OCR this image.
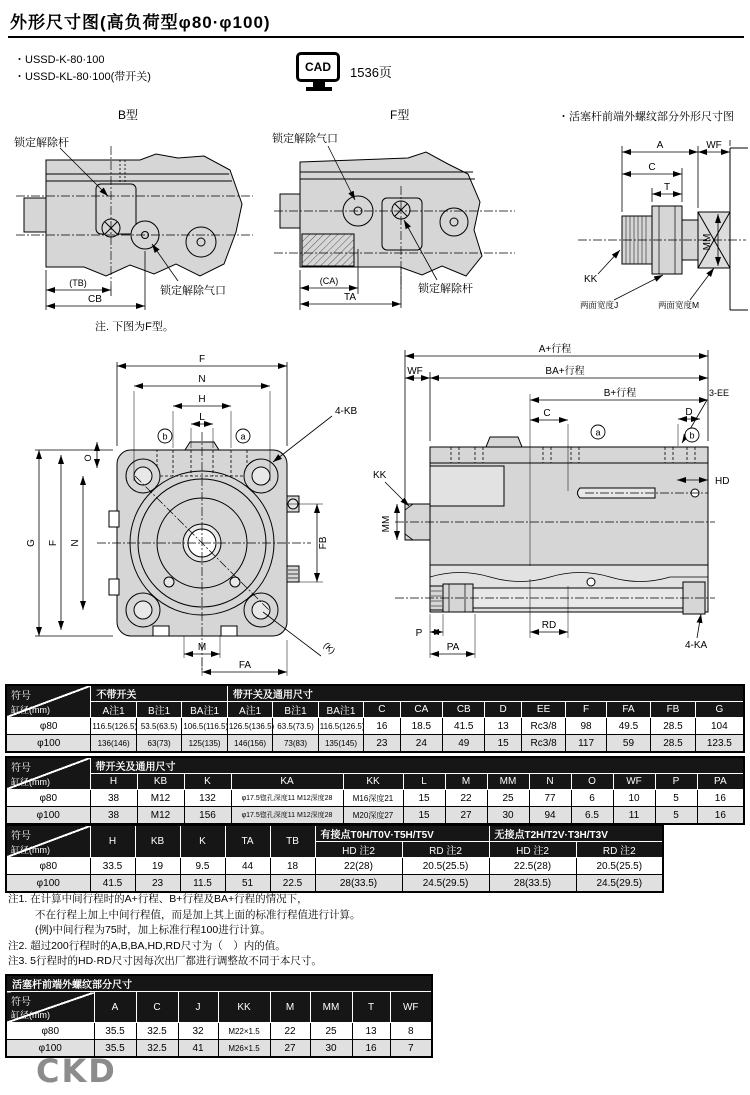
外形尺寸图(高负荷型φ80·φ100)
・USSD-K-80·100
・USSD-KL-80·100(带开关)
CAD	1536页
B型	F型	・活塞杆前端外螺纹部分外形尺寸图
注. 下图为F型。
锁定解除杆
锁定解除气口
(TB)
CB
锁定解除气口
锁定解除杆
(CA)
TA
A	WF
C
T
MM
KK
两面宽度J	两面宽度M
b	a
F
N
H
L
4-KB
G F N
O
FB
M
FA
(K)
a	b
A+行程
WF	BA+行程
B+行程
C	D
3-EE
HD
KK
MM
P
PA
RD
4-KA
符号
缸径(mm)	不带开关			带开关及通用尺寸											
	A注1	B注1	BA注1	A注1	B注1	BA注1	C	CA	CB	D	EE	F	FA	FB	G
φ80	116.5(126.5)	53.5(63.5)	106.5(116.5)	126.5(136.5)	63.5(73.5)	116.5(126.5)	16	18.5	41.5	13	Rc3/8	98	49.5	28.5	104
φ100	136(146)	63(73)	125(135)	146(156)	73(83)	135(145)	23	24	49	15	Rc3/8	117	59	28.5	123.5
符号
缸径(mm)	带开关及通用尺寸												
	H	KB	K	KA	KK	L	M	MM	N	O	WF	P	PA
φ80	38	M12	132	φ17.5锪孔深度11 M12深度28	M16深度21	15	22	25	77	6	10	5	16
φ100	38	M12	156	φ17.5锪孔深度11 M12深度28	M20深度27	15	27	30	94	6.5	11	5	16
符号
缸径(mm)	H	KB	K	TA	TB	有接点T0H/T0V·T5H/T5V		无接点T2H/T2V·T3H/T3V	
						HD 注2	RD 注2	HD 注2	RD 注2
φ80	33.5	19	9.5	44	18	22(28)	20.5(25.5)	22.5(28)	20.5(25.5)
φ100	41.5	23	11.5	51	22.5	28(33.5)	24.5(29.5)	28(33.5)	24.5(29.5)
注1. 在计算中间行程时的A+行程、B+行程及BA+行程的情况下，
不在行程上加上中间行程值，而是加上其上面的标准行程值进行计算。
(例)中间行程为75时，加上标准行程100进行计算。
注2. 超过200行程时的A,B,BA,HD,RD尺寸为（　）内的值。
注3. 5行程时的HD·RD尺寸因每次出厂都进行调整故不同于本尺寸。
活塞杆前端外螺纹部分尺寸								

符号
缸径(mm)	A	C	J	KK	M	MM	T	WF
φ80	35.5	32.5	32	M22×1.5	22	25	13	8
φ100	35.5	32.5	41	M26×1.5	27	30	16	7
CKD
